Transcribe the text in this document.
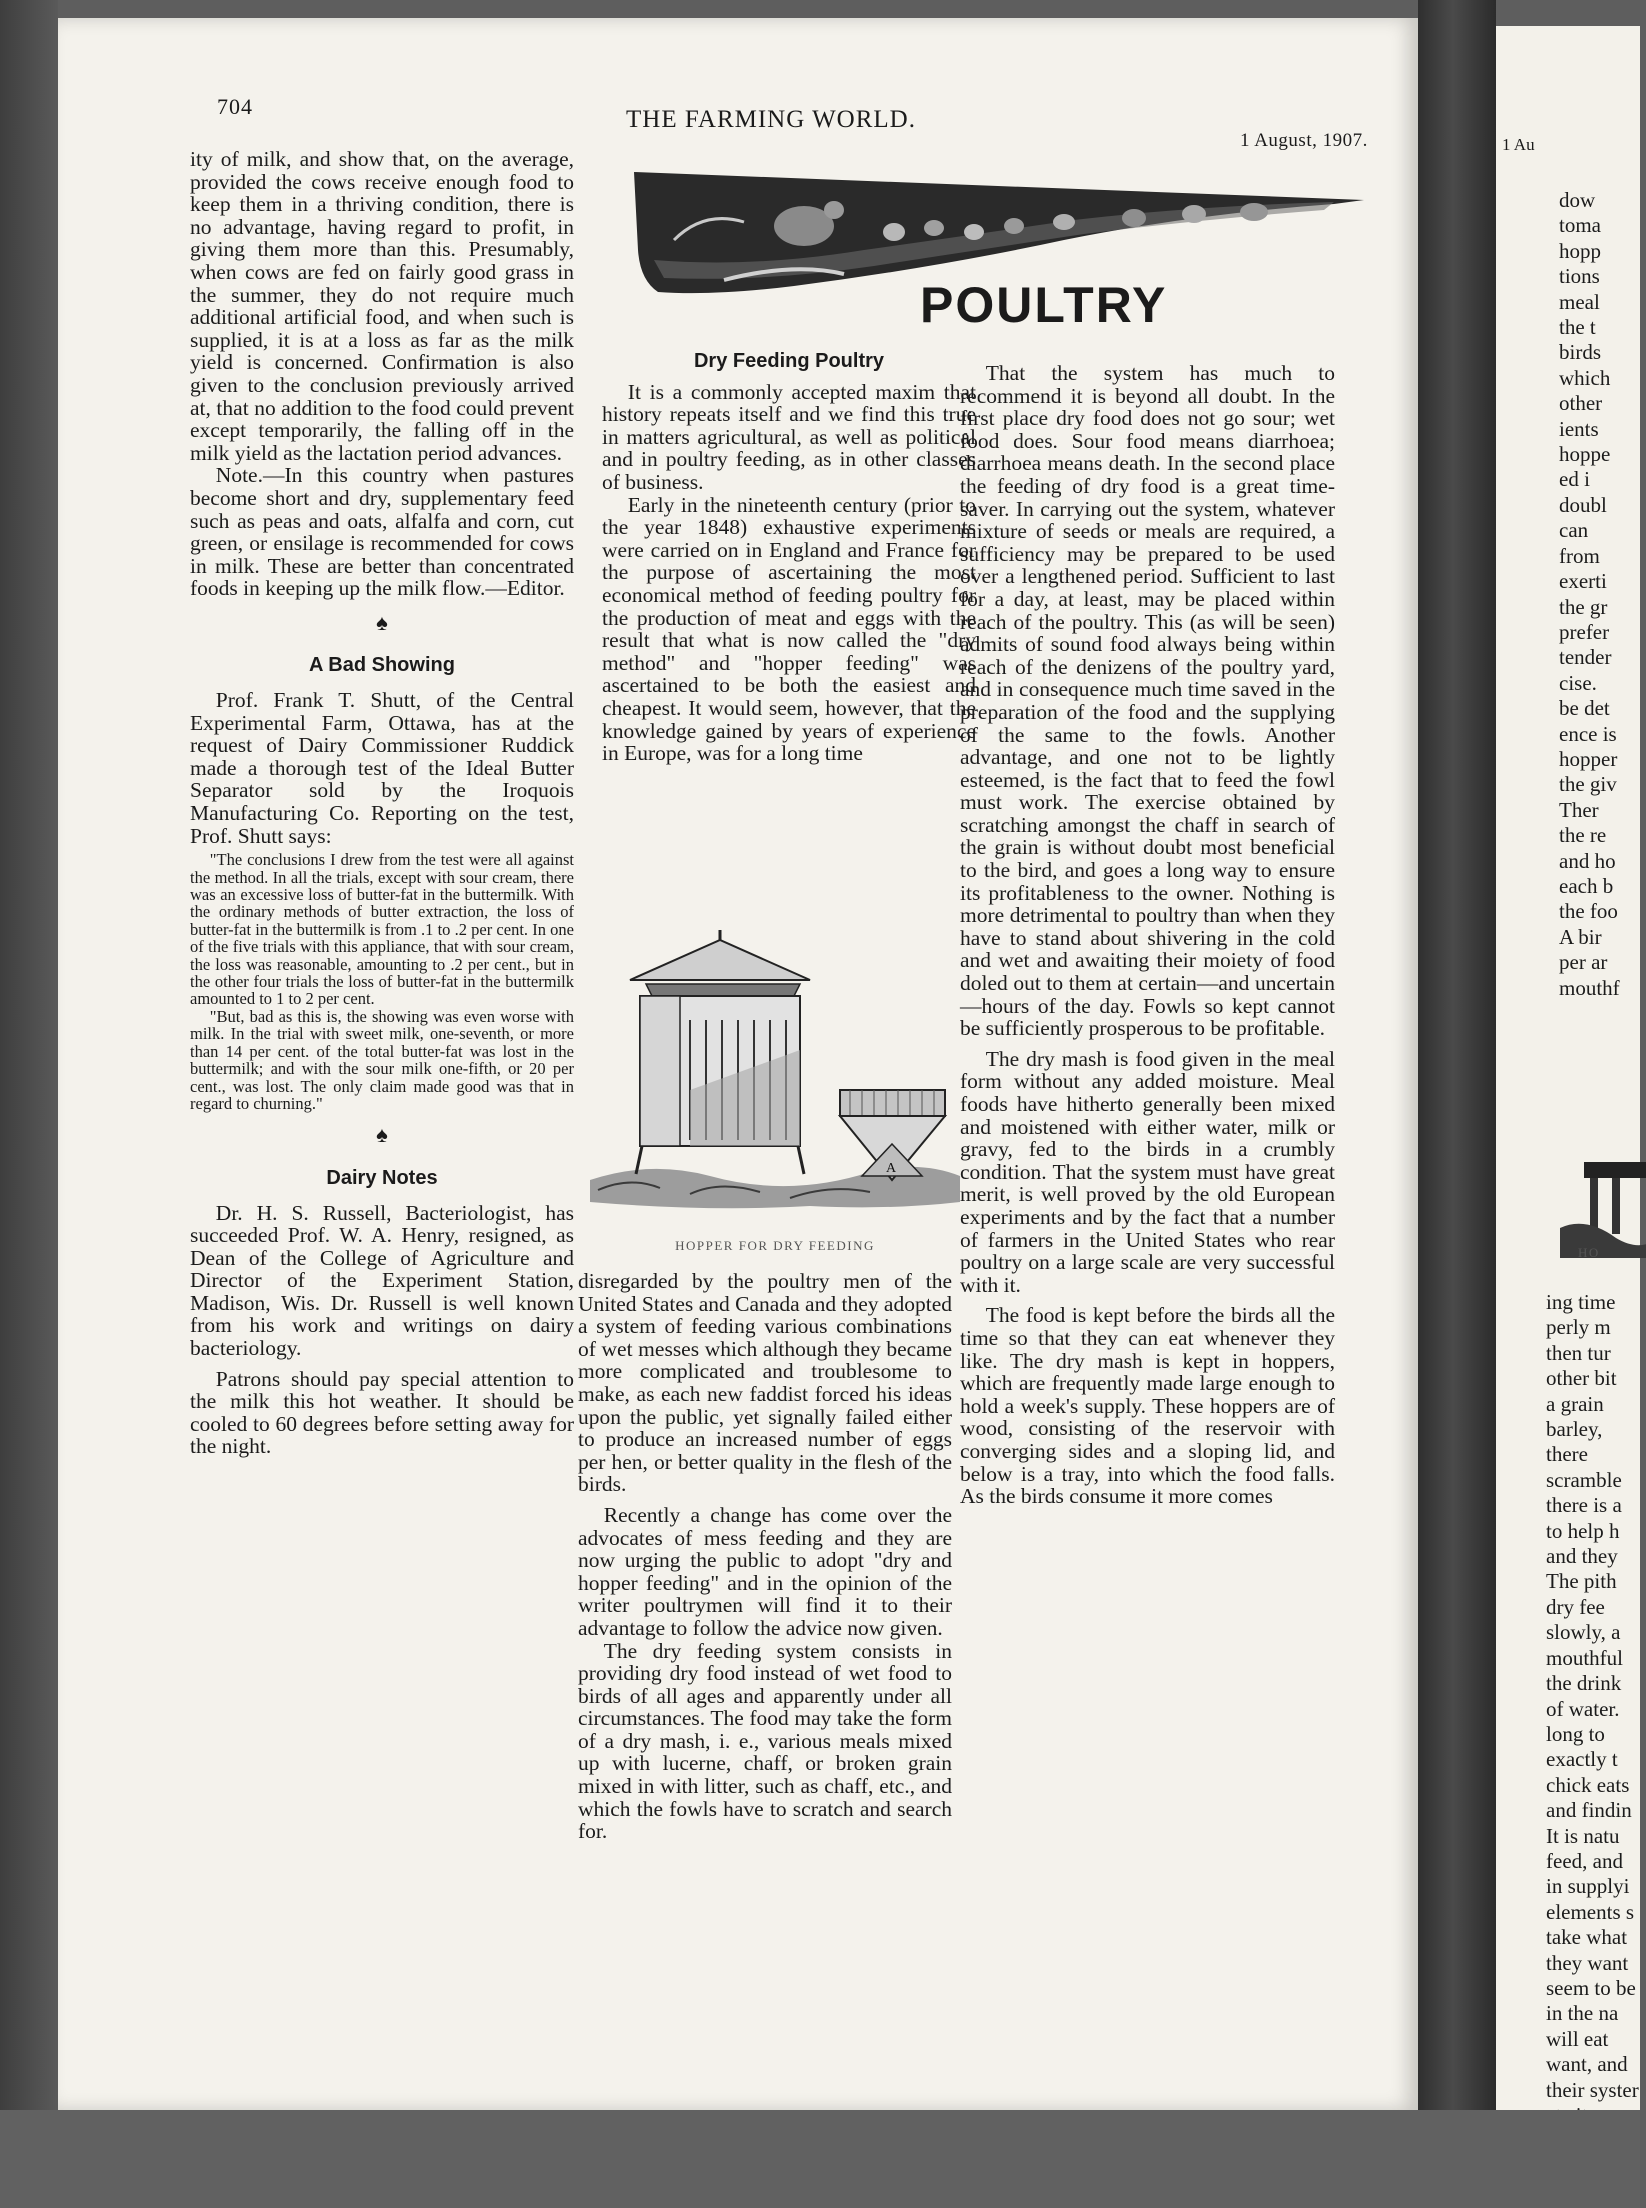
1 Au
dow
toma
hopp
tions
meal
the t
birds
which
other
ients
hoppe
ed i
doubl
can
from
exerti
the gr
prefer
tender
cise.
be det
ence is
hopper
the giv
Ther
the re
and ho
each b
the foo
A bir
per ar
mouthf
HO
ing time
perly m
then tur
other bit
a grain
barley,
there
scramble
there is a
to help h
and they
The pith
dry fee
slowly, a
mouthful
the drink
of water.
long to
exactly t
chick eats
and findin
It is natu
feed, and
in supplyi
elements s
take what
they want
seem to be
in the na
will eat
want, and
their syster
704	THE FARMING WORLD.
1 August, 1907.

ity of milk, and show that, on the average, provided the cows receive enough food to keep them in a thriving condition, there is no advantage, having regard to profit, in giving them more than this. Presumably, when cows are fed on fairly good grass in the summer, they do not require much additional artificial food, and when such is supplied, it is at a loss as far as the milk yield is concerned. Confirmation is also given to the conclusion previously arrived at, that no addition to the food could prevent except temporarily, the falling off in the milk yield as the lactation period advances.

Note.—In this country when pastures become short and dry, supplementary feed such as peas and oats, alfalfa and corn, cut green, or ensilage is recommended for cows in milk. These are better than concentrated foods in keeping up the milk flow.—Editor.

♠
A Bad Showing

Prof. Frank T. Shutt, of the Central Experimental Farm, Ottawa, has at the request of Dairy Commissioner Ruddick made a thorough test of the Ideal Butter Separator sold by the Iroquois Manufacturing Co. Reporting on the test, Prof. Shutt says:

"The conclusions I drew from the test were all against the method. In all the trials, except with sour cream, there was an excessive loss of butter-fat in the buttermilk. With the ordinary methods of butter extraction, the loss of butter-fat in the buttermilk is from .1 to .2 per cent. In one of the five trials with this appliance, that with sour cream, the loss was reasonable, amounting to .2 per cent., but in the other four trials the loss of butter-fat in the buttermilk amounted to 1 to 2 per cent.

"But, bad as this is, the showing was even worse with milk. In the trial with sweet milk, one-seventh, or more than 14 per cent. of the total butter-fat was lost in the buttermilk; and with the sour milk one-fifth, or 20 per cent., was lost. The only claim made good was that in regard to churning."

♠
Dairy Notes

Dr. H. S. Russell, Bacteriologist, has succeeded Prof. W. A. Henry, resigned, as Dean of the College of Agriculture and Director of the Experiment Station, Madison, Wis. Dr. Russell is well known from his work and writings on dairy bacteriology.

Patrons should pay special attention to the milk this hot weather. It should be cooled to 60 degrees before setting away for the night.

POULTRY
Dry Feeding Poultry

It is a commonly accepted maxim that history repeats itself and we find this true in matters agricultural, as well as political and in poultry feeding, as in other classes of business.

Early in the nineteenth century (prior to the year 1848) exhaustive experiments were carried on in England and France for the purpose of ascertaining the most economical method of feeding poultry for the production of meat and eggs with the result that what is now called the "dry method" and "hopper feeding" was ascertained to be both the easiest and cheapest. It would seem, however, that the knowledge gained by years of experience in Europe, was for a long time

A
HOPPER FOR DRY FEEDING

disregarded by the poultry men of the United States and Canada and they adopted a system of feeding various combinations of wet messes which although they became more complicated and troublesome to make, as each new faddist forced his ideas upon the public, yet signally failed either to produce an increased number of eggs per hen, or better quality in the flesh of the birds.

Recently a change has come over the advocates of mess feeding and they are now urging the public to adopt "dry and hopper feeding" and in the opinion of the writer poultrymen will find it to their advantage to follow the advice now given.

The dry feeding system consists in providing dry food instead of wet food to birds of all ages and apparently under all circumstances. The food may take the form of a dry mash, i. e., various meals mixed up with lucerne, chaff, or broken grain mixed in with litter, such as chaff, etc., and which the fowls have to scratch and search for.

That the system has much to recommend it is beyond all doubt. In the first place dry food does not go sour; wet food does. Sour food means diarrhoea; diarrhoea means death. In the second place the feeding of dry food is a great time-saver. In carrying out the system, whatever mixture of seeds or meals are required, a sufficiency may be prepared to be used over a lengthened period. Sufficient to last for a day, at least, may be placed within reach of the poultry. This (as will be seen) admits of sound food always being within reach of the denizens of the poultry yard, and in consequence much time saved in the preparation of the food and the supplying of the same to the fowls. Another advantage, and one not to be lightly esteemed, is the fact that to feed the fowl must work. The exercise obtained by scratching amongst the chaff in search of the grain is without doubt most beneficial to the bird, and goes a long way to ensure its profitableness to the owner. Nothing is more detrimental to poultry than when they have to stand about shivering in the cold and wet and awaiting their moiety of food doled out to them at certain—and uncertain—hours of the day. Fowls so kept cannot be sufficiently prosperous to be profitable.

The dry mash is food given in the meal form without any added moisture. Meal foods have hitherto generally been mixed and moistened with either water, milk or gravy, fed to the birds in a crumbly condition. That the system must have great merit, is well proved by the old European experiments and by the fact that a number of farmers in the United States who rear poultry on a large scale are very successful with it.

The food is kept before the birds all the time so that they can eat whenever they like. The dry mash is kept in hoppers, which are frequently made large enough to hold a week's supply. These hoppers are of wood, consisting of the reservoir with converging sides and a sloping lid, and below is a tray, into which the food falls. As the birds consume it more comes
